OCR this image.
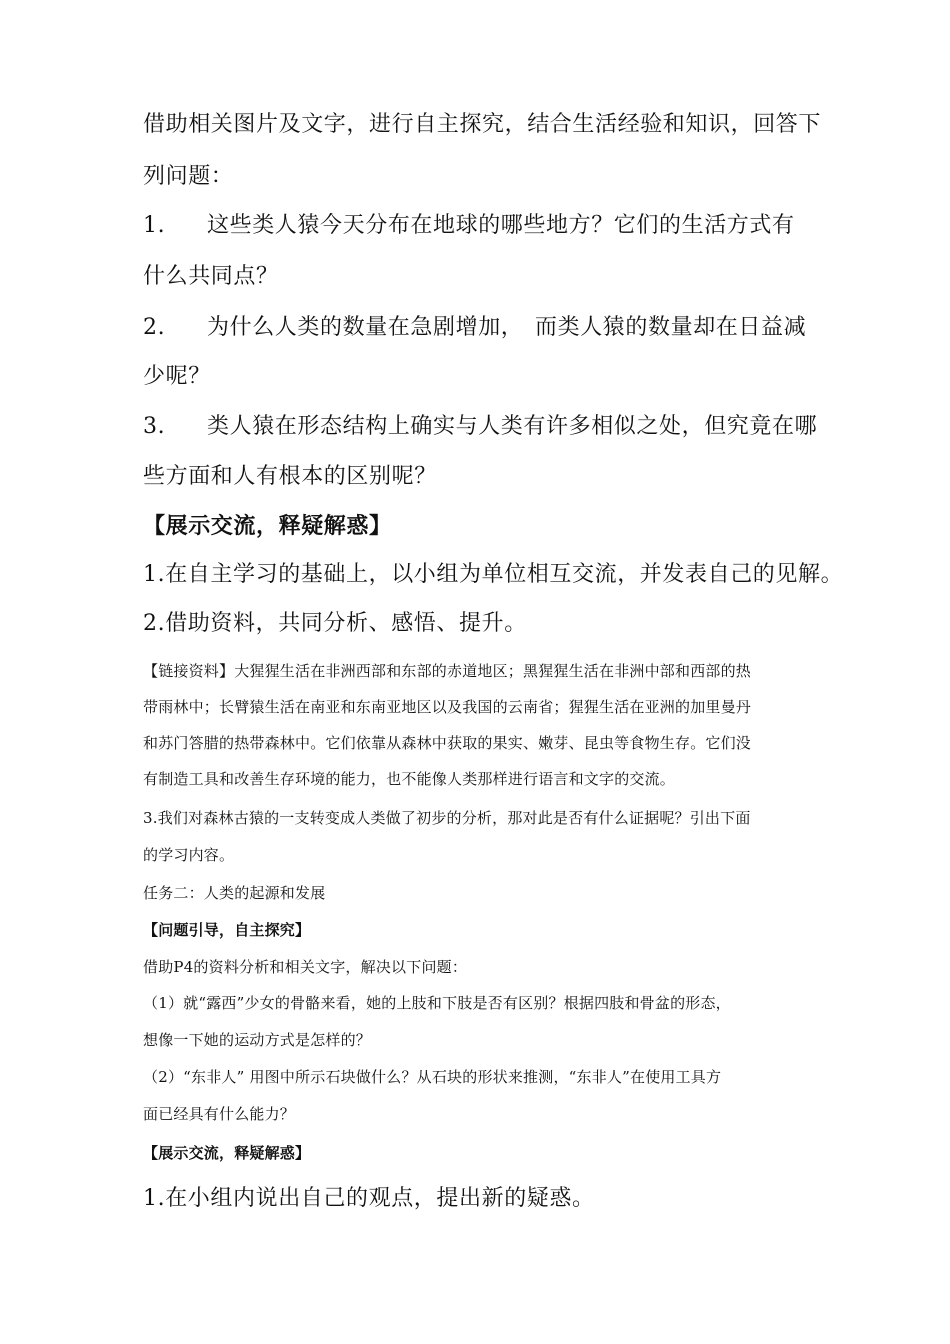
借助相关图片及文字，进行自主探究，结合生活经验和知识，回答下
列问题：
1. 这些类人猿今天分布在地球的哪些地方？它们的生活方式有
什么共同点？
2. 为什么人类的数量在急剧增加，　而类人猿的数量却在日益减
少呢？
3. 类人猿在形态结构上确实与人类有许多相似之处，但究竟在哪
些方面和人有根本的区别呢？
【展示交流，释疑解惑】
1.在自主学习的基础上，以小组为单位相互交流，并发表自己的见解。
2.借助资料，共同分析、感悟、提升。
【链接资料】大猩猩生活在非洲西部和东部的赤道地区；黑猩猩生活在非洲中部和西部的热
带雨林中；长臂猿生活在南亚和东南亚地区以及我国的云南省；猩猩生活在亚洲的加里曼丹
和苏门答腊的热带森林中。它们依靠从森林中获取的果实、嫩芽、昆虫等食物生存。它们没
有制造工具和改善生存环境的能力，也不能像人类那样进行语言和文字的交流。
3.我们对森林古猿的一支转变成人类做了初步的分析，那对此是否有什么证据呢？引出下面
的学习内容。
任务二：人类的起源和发展
【问题引导，自主探究】
借助P4的资料分析和相关文字，解决以下问题：
（1）就“露西”少女的骨骼来看，她的上肢和下肢是否有区别？根据四肢和骨盆的形态，
想像一下她的运动方式是怎样的？
（2）“东非人” 用图中所示石块做什么？从石块的形状来推测，“东非人”在使用工具方
面已经具有什么能力？
【展示交流，释疑解惑】
1.在小组内说出自己的观点，提出新的疑惑。
